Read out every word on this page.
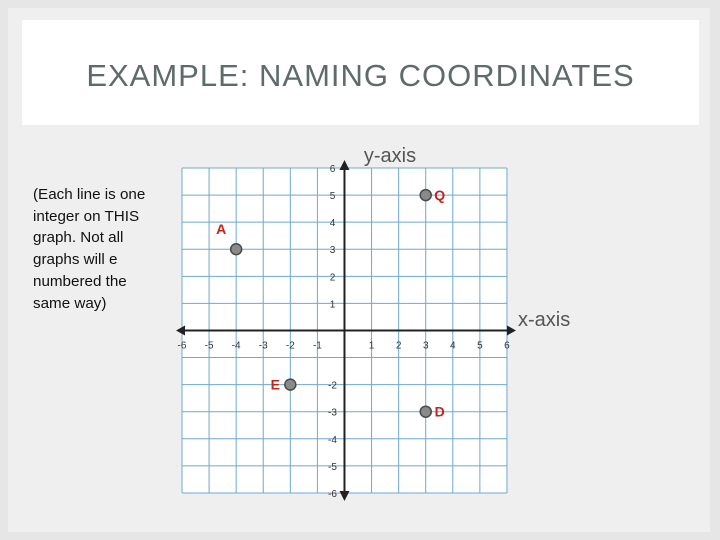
EXAMPLE: NAMING COORDINATES
(Each line is one integer on THIS graph. Not all graphs will e numbered the same way)
-6 -5 -4 -3 -2 -1	1 2 3 4 5 6
6
5
4
3
2
1
-2
-3
-4
-5
-6
y-axis
x-axis
Q
A
E
D
